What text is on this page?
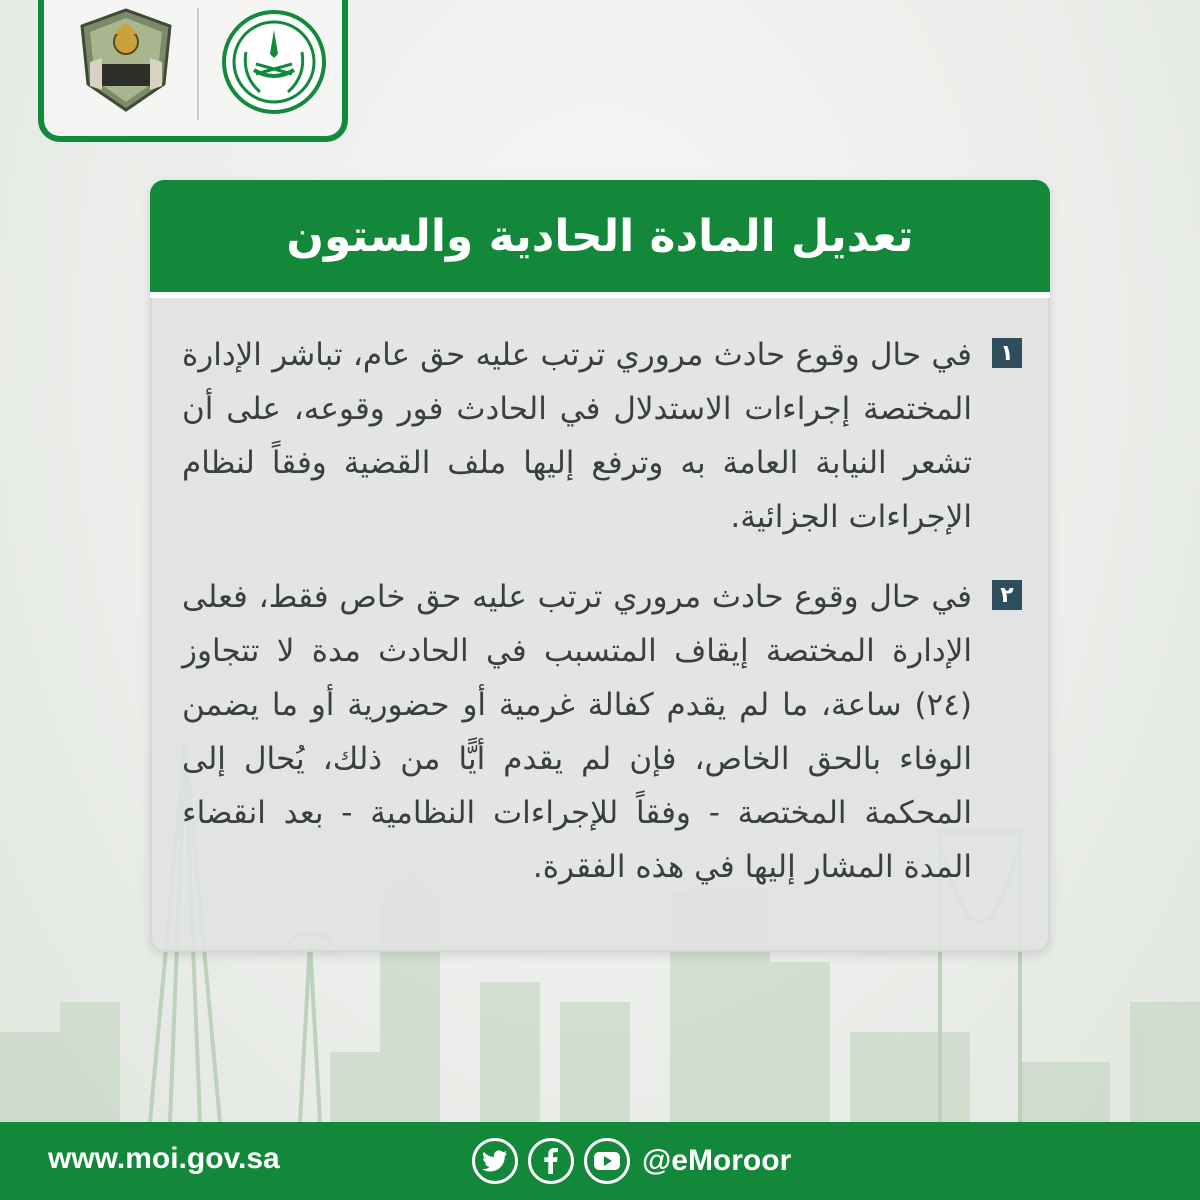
تعديل المادة الحادية والستون
١
في حال وقوع حادث مروري ترتب عليه حق عام، تباشر الإدارة المختصة إجراءات الاستدلال في الحادث فور وقوعه، على أن تشعر النيابة العامة به وترفع إليها ملف القضية وفقاً لنظام الإجراءات الجزائية.
٢
في حال وقوع حادث مروري ترتب عليه حق خاص فقط، فعلى الإدارة المختصة إيقاف المتسبب في الحادث مدة لا تتجاوز (٢٤) ساعة، ما لم يقدم كفالة غرمية أو حضورية أو ما يضمن الوفاء بالحق الخاص، فإن لم يقدم أيًّا من ذلك، يُحال إلى المحكمة المختصة - وفقاً للإجراءات النظامية - بعد انقضاء المدة المشار إليها في هذه الفقرة.
www.moi.gov.sa	@eMoroor
